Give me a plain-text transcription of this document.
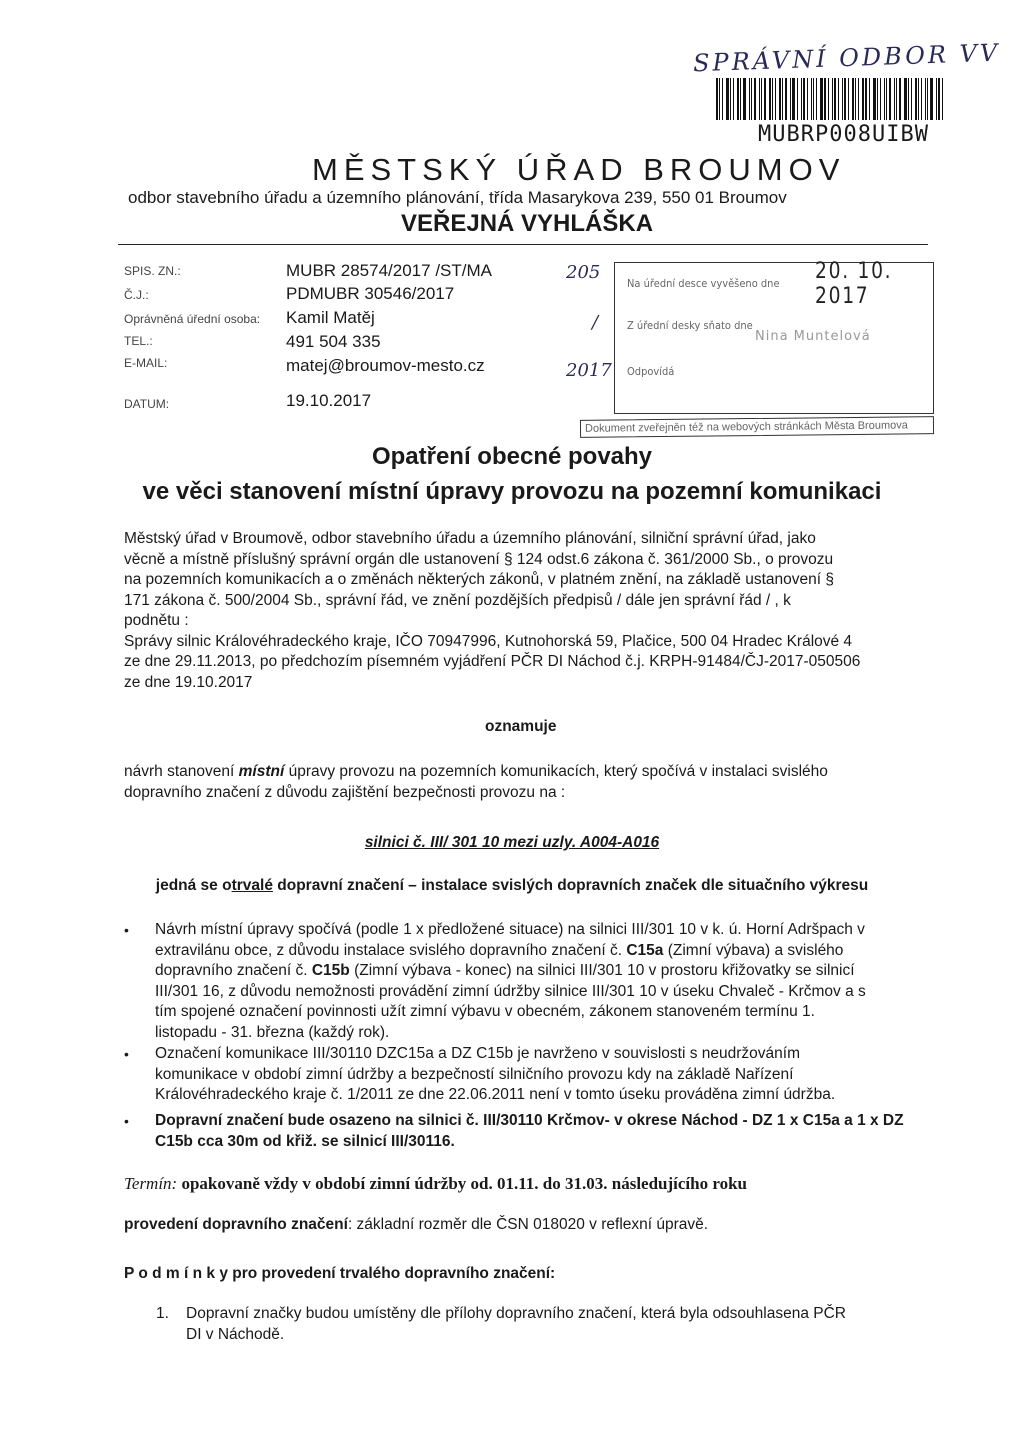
SPRÁVNÍ ODBOR VV
MUBRP008UIBW
MĚSTSKÝ ÚŘAD BROUMOV
odbor stavebního úřadu a územního plánování, třída Masarykova 239, 550 01 Broumov
VEŘEJNÁ VYHLÁŠKA
SPIS. ZN.:	MUBR 28574/2017 /ST/MA
Č.J.:	PDMUBR 30546/2017
Oprávněná úřední osoba: Kamil Matěj
TEL.:	491 504 335
E-MAIL:	matej@broumov-mesto.cz
DATUM:	19.10.2017
205
/
2017
Na úřední desce vyvěšeno dne 20. 10. 2017
Z úřední desky sňato dne
Nina Muntelová
Odpovídá
Dokument zveřejněn též na webových stránkách Města Broumova
Opatření obecné povahy
ve věci stanovení místní úpravy provozu na pozemní komunikaci
Městský úřad v Broumově, odbor stavebního úřadu a územního plánování, silniční správní úřad, jako
věcně a místně příslušný správní orgán dle ustanovení § 124 odst.6 zákona č. 361/2000 Sb., o provozu
na pozemních komunikacích a o změnách některých zákonů, v platném znění, na základě ustanovení §
171 zákona č. 500/2004 Sb., správní řád, ve znění pozdějších předpisů / dále jen správní řád / , k
podnětu :
Správy silnic Královéhradeckého kraje, IČO 70947996, Kutnohorská 59, Plačice, 500 04 Hradec Králové 4
ze dne 29.11.2013, po předchozím písemném vyjádření PČR DI Náchod č.j. KRPH-91484/ČJ-2017-050506
ze dne 19.10.2017
oznamuje
návrh stanovení místní úpravy provozu na pozemních komunikacích, který spočívá v instalaci svislého
dopravního značení z důvodu zajištění bezpečnosti provozu na :
silnici č. III/ 301 10 mezi uzly. A004-A016
jedná se otrvalé dopravní značení – instalace svislých dopravních značek dle situačního výkresu
• Návrh místní úpravy spočívá (podle 1 x předložené situace) na silnici III/301 10 v k. ú. Horní Adršpach v
extravilánu obce, z důvodu instalace svislého dopravního značení č. C15a (Zimní výbava) a svislého
dopravního značení č. C15b (Zimní výbava - konec) na silnici III/301 10 v prostoru křižovatky se silnicí
III/301 16, z důvodu nemožnosti provádění zimní údržby silnice III/301 10 v úseku Chvaleč - Krčmov a s
tím spojené označení povinnosti užít zimní výbavu v obecném, zákonem stanoveném termínu 1.
listopadu - 31. března (každý rok).
• Označení komunikace III/30110 DZC15a a DZ C15b je navrženo v souvislosti s neudržováním
komunikace v období zimní údržby a bezpečností silničního provozu kdy na základě Nařízení
Královéhradeckého kraje č. 1/2011 ze dne 22.06.2011 není v tomto úseku prováděna zimní údržba.
• Dopravní značení bude osazeno na silnici č. III/30110 Krčmov- v okrese Náchod - DZ 1 x C15a a 1 x DZ
C15b cca 30m od křiž. se silnicí III/30116.
Termín: opakovaně vždy v období zimní údržby od. 01.11. do 31.03. následujícího roku
provedení dopravního značení: základní rozměr dle ČSN 018020 v reflexní úpravě.
P o d m í n k y pro provedení trvalého dopravního značení:
1. Dopravní značky budou umístěny dle přílohy dopravního značení, která byla odsouhlasena PČR
DI v Náchodě.
